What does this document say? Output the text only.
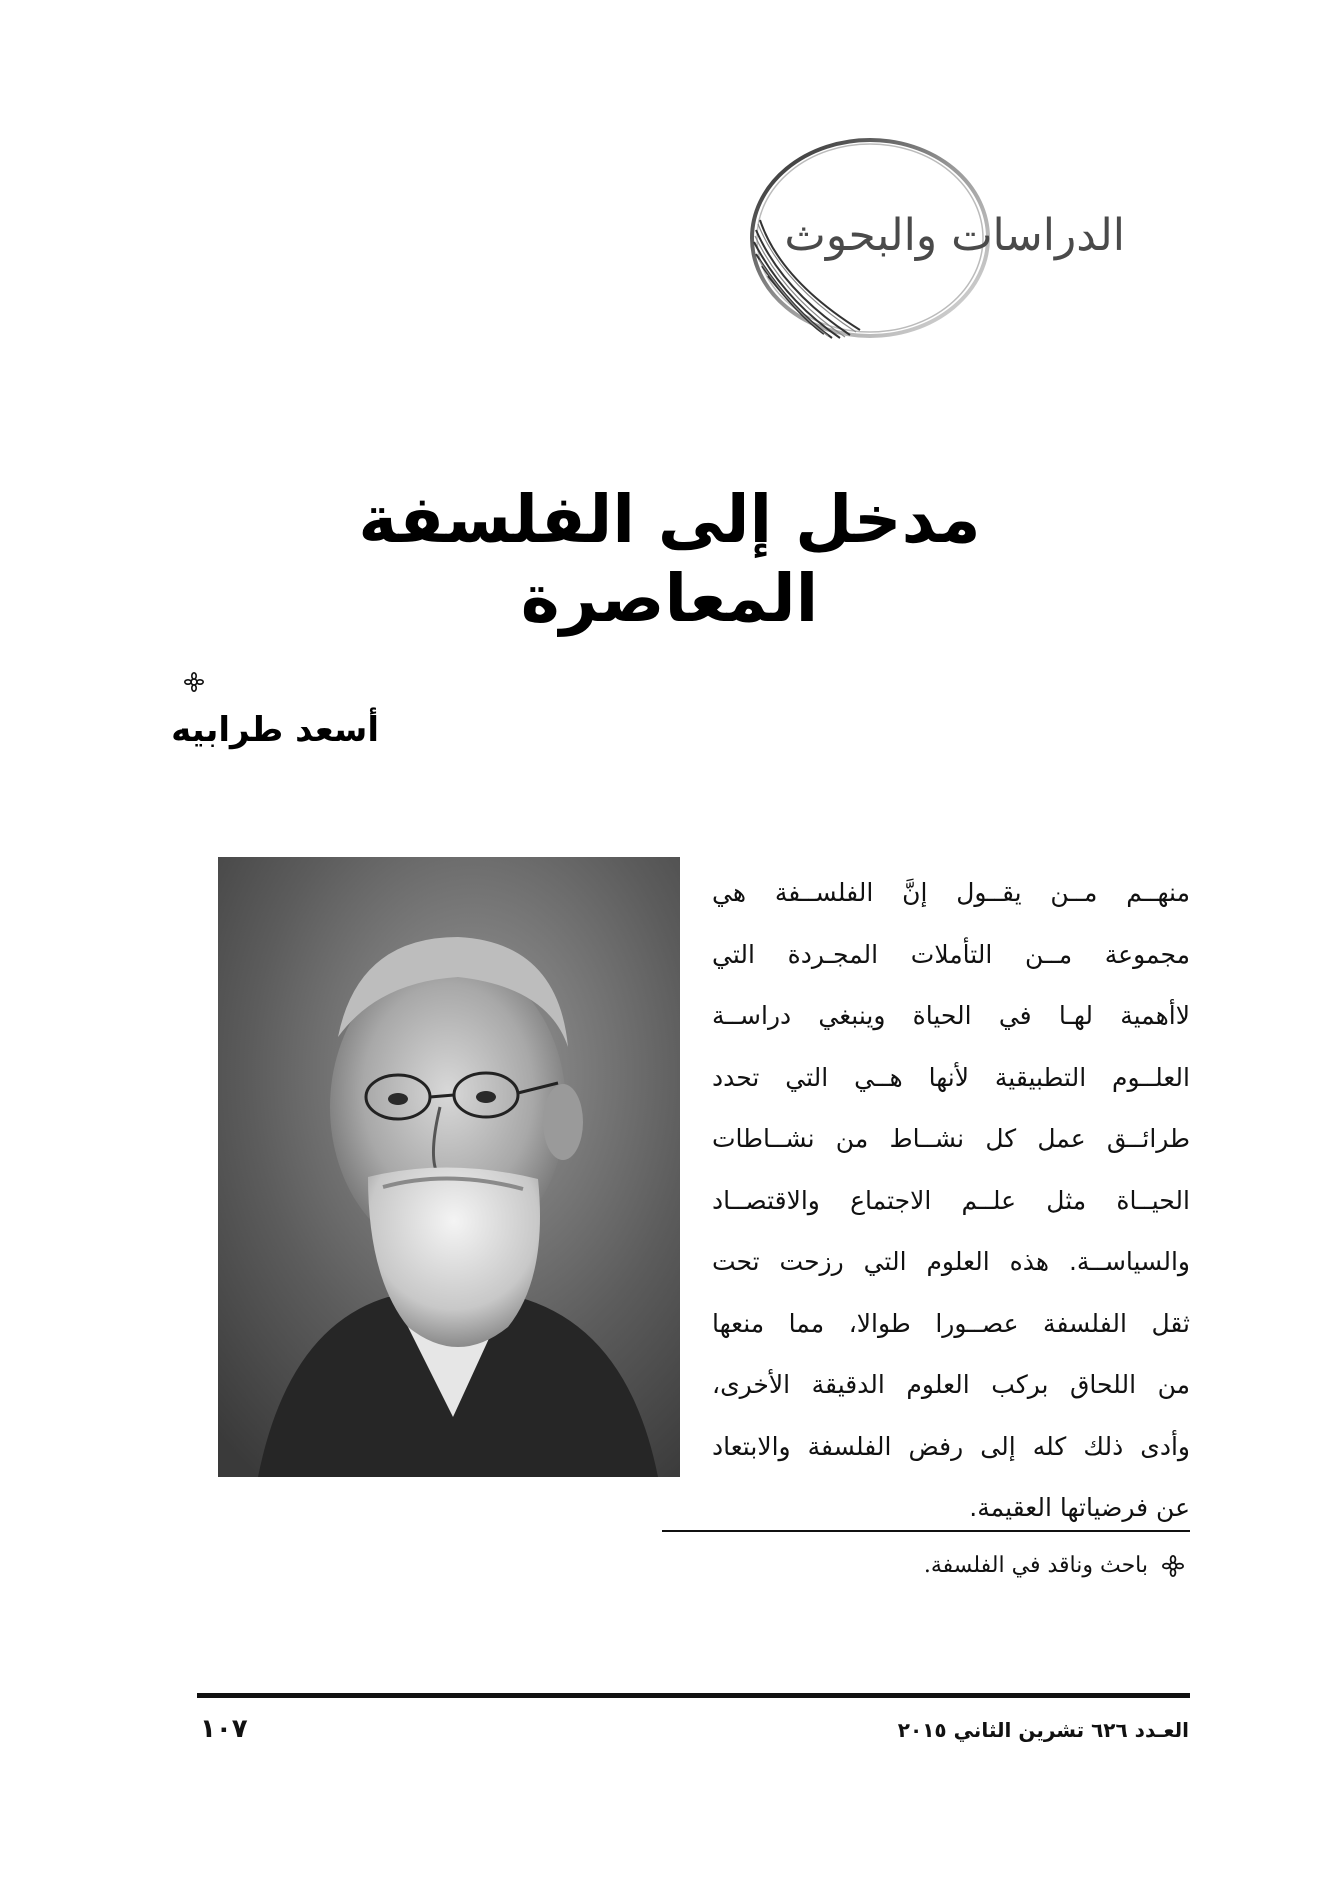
الدراسات والبحوث
مدخل إلى الفلسفة المعاصرة
أسعد طرابيه
منهــم مــن يقــول إنَّ الفلســفة هي
مجموعة مــن التأملات المجـردة التي
لاأهمية لهـا في الحياة وينبغي دراســة
العلــوم التطبيقية لأنها هــي التي تحدد
طرائــق عمل كل نشــاط من نشــاطات
الحيــاة مثل علــم الاجتماع والاقتصــاد
والسياســة. هذه العلوم التي رزحت تحت
ثقل الفلسفة عصــورا طوالا، مما منعها
من اللحاق بركب العلوم الدقيقة الأخرى،
وأدى ذلك كله إلى رفض الفلسفة والابتعاد
عن فرضياتها العقيمة.
باحث وناقد في الفلسفة.
العـدد ٦٢٦ تشرين الثاني ٢٠١٥
١٠٧
